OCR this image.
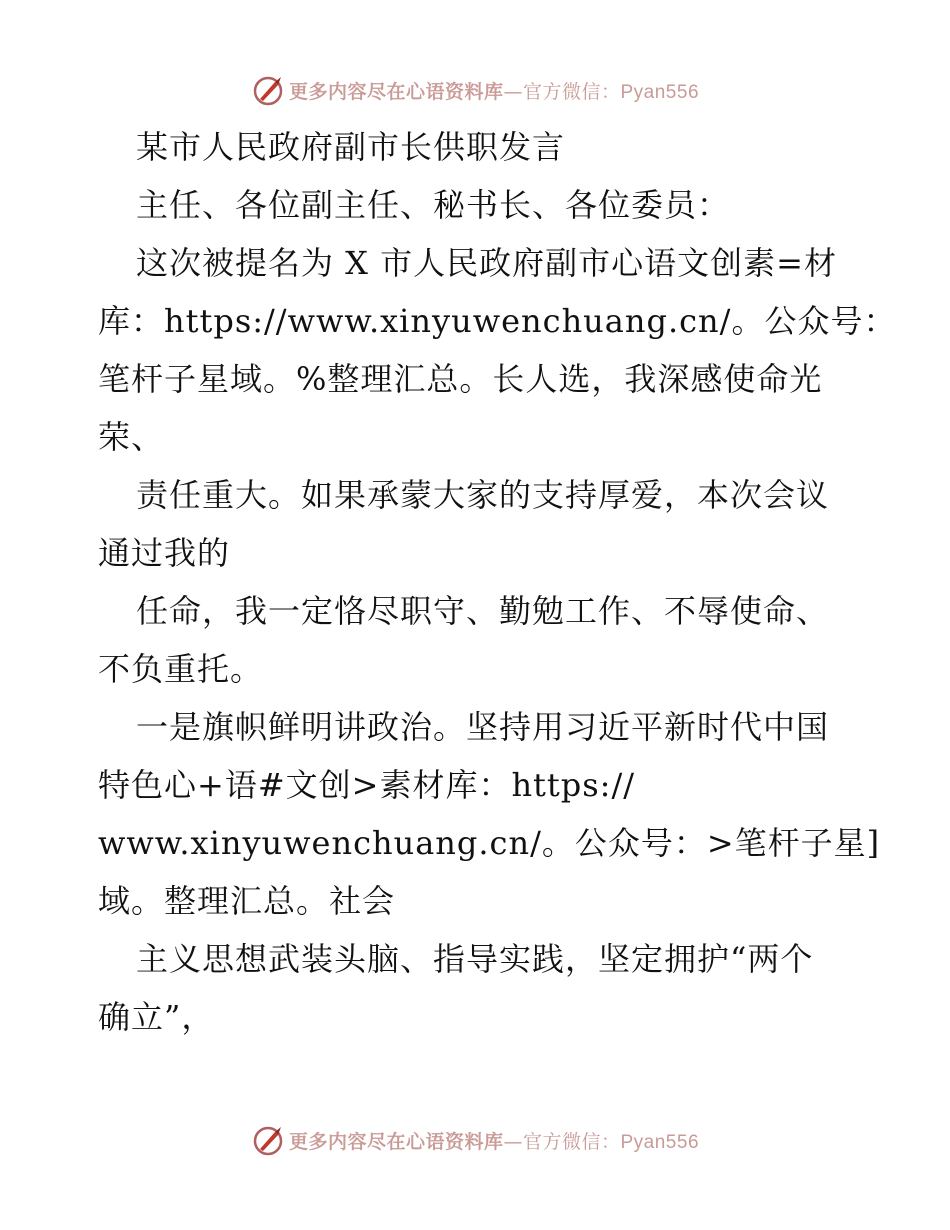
更多内容尽在心语资料库—官方微信：Pyan556
某市人民政府副市长供职发言
主任、各位副主任、秘书长、各位委员：
这次被提名为 X 市人民政府副市心语文创素=材
库：https://www.xinyuwenchuang.cn/。公众号：
笔杆子星域。%整理汇总。长人选，我深感使命光
荣、
责任重大。如果承蒙大家的支持厚爱，本次会议
通过我的
任命，我一定恪尽职守、勤勉工作、不辱使命、
不负重托。
一是旗帜鲜明讲政治。坚持用习近平新时代中国
特色心+语#文创>素材库：https://
www.xinyuwenchuang.cn/。公众号：>笔杆子星]
域。整理汇总。社会
主义思想武装头脑、指导实践，坚定拥护“两个
确立”，
更多内容尽在心语资料库—官方微信：Pyan556
